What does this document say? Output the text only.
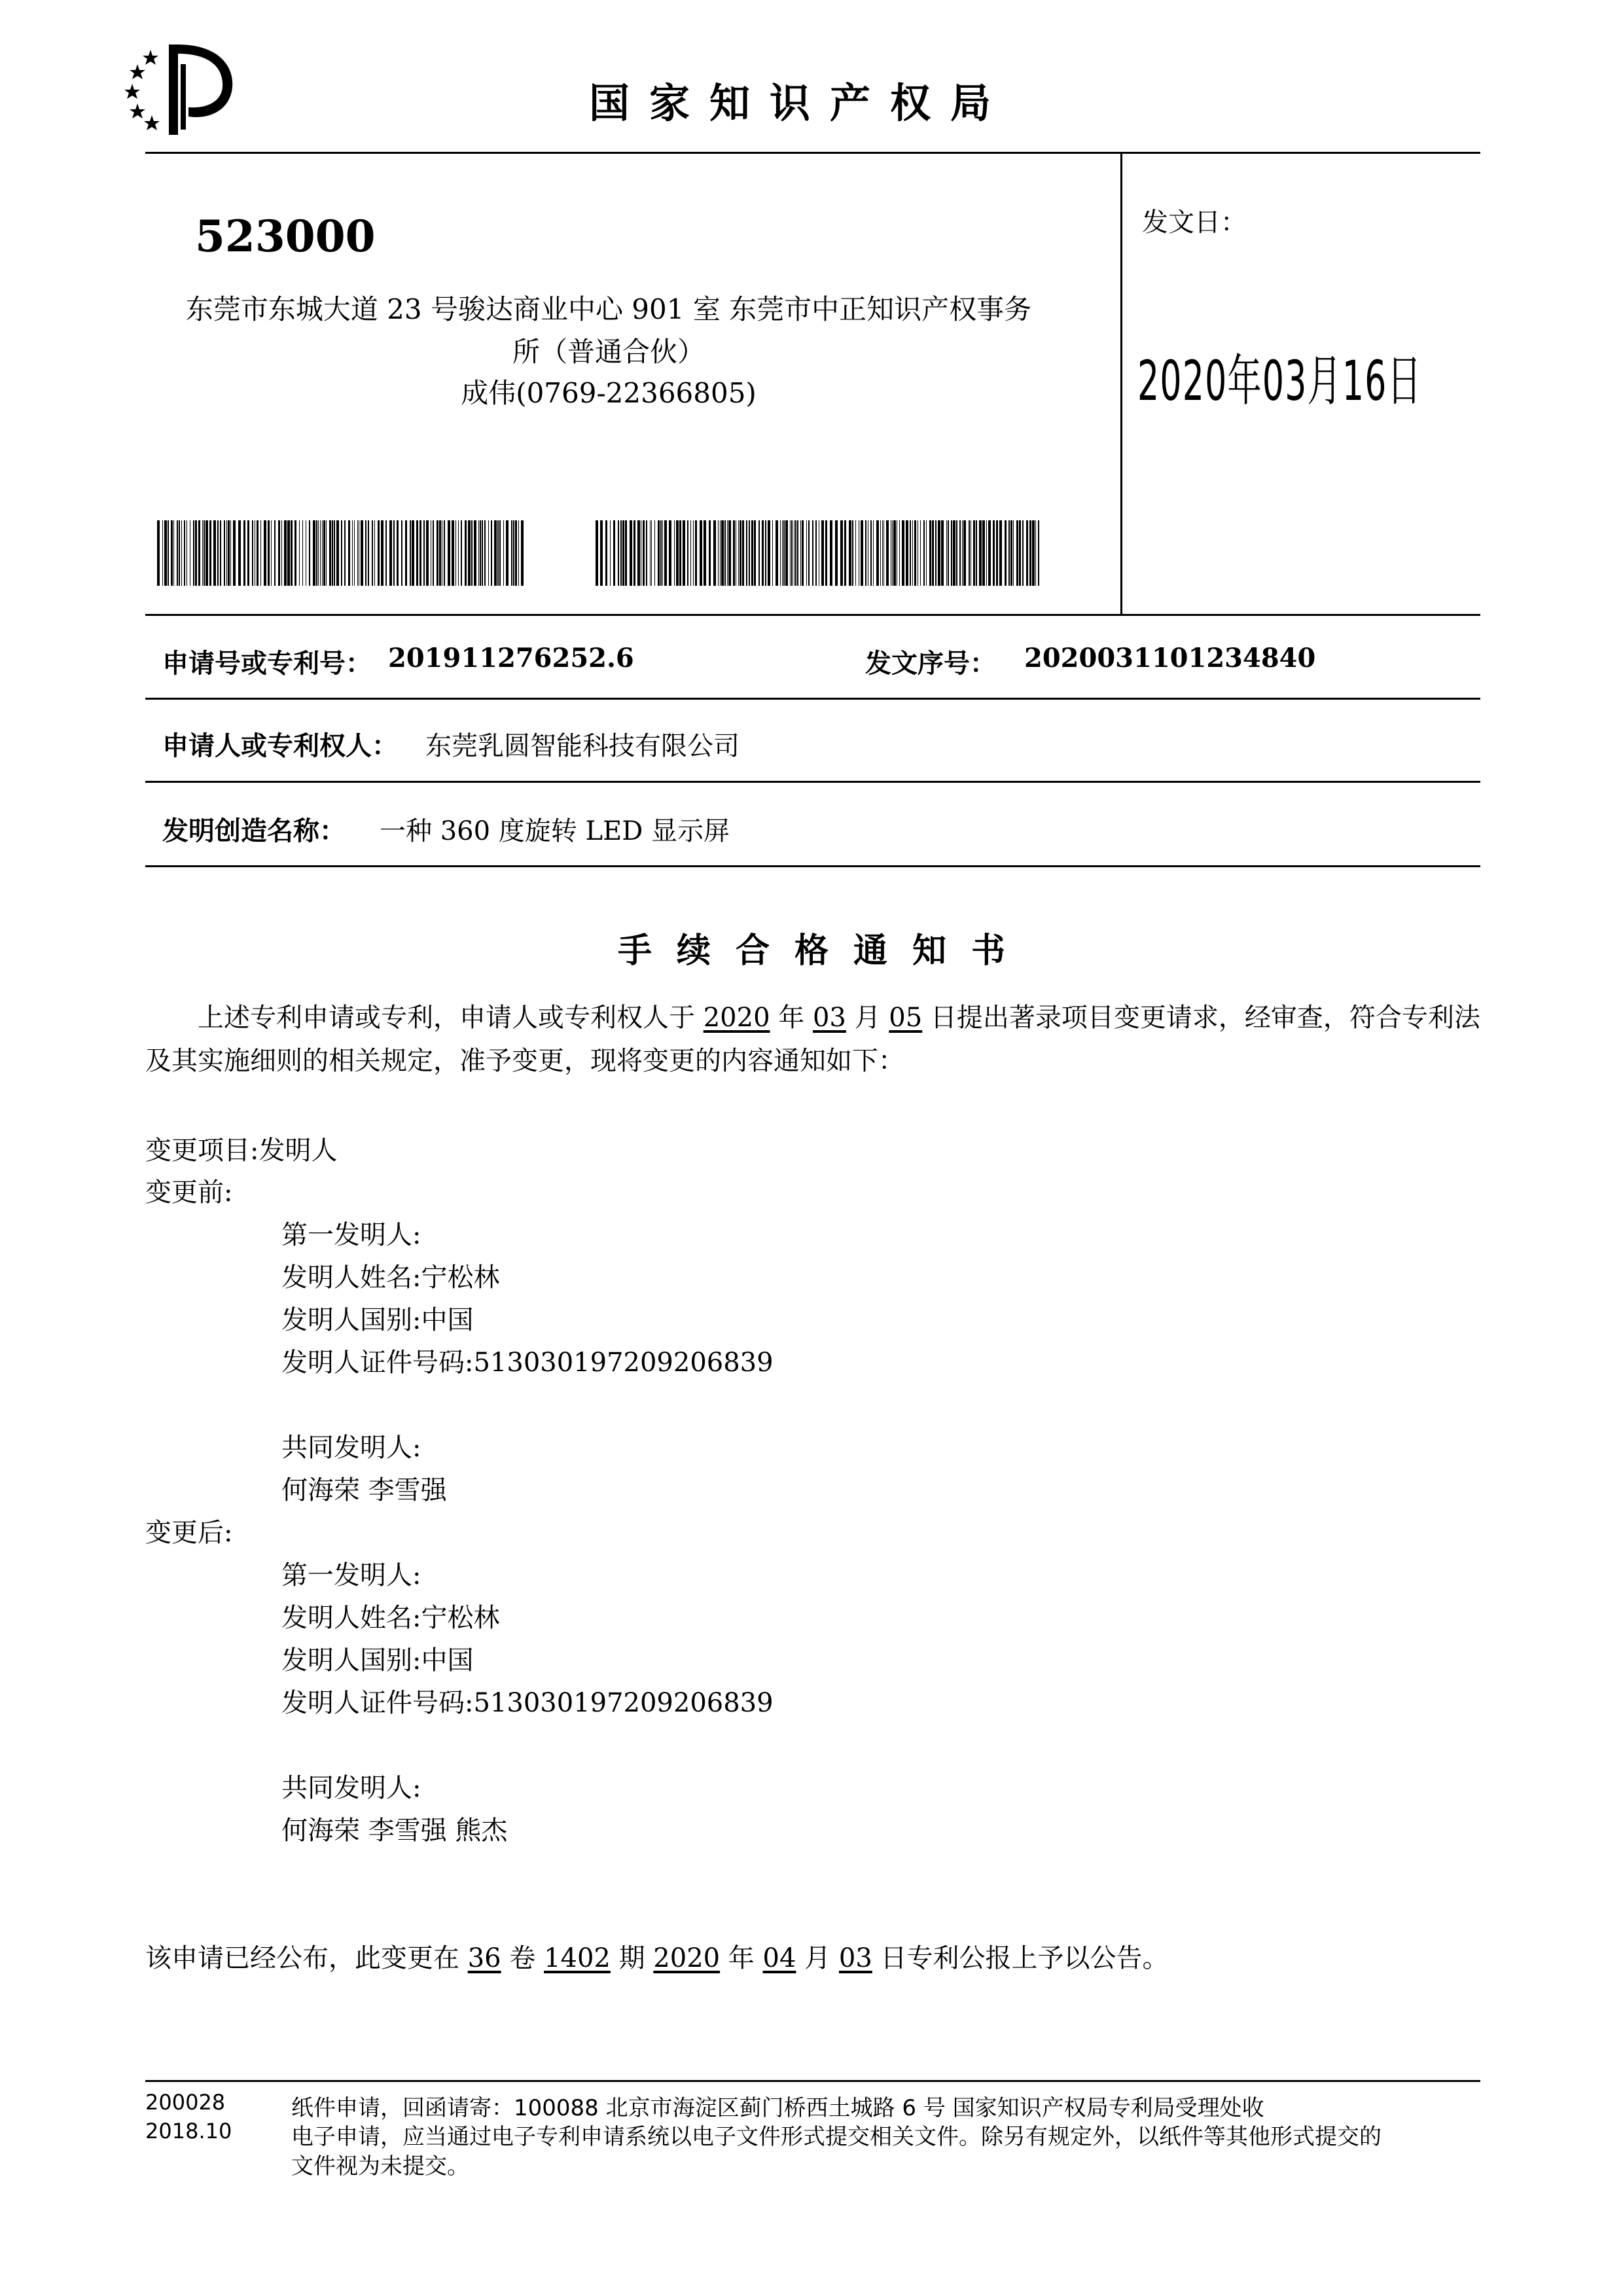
国家知识产权局
523000
东莞市东城大道 23 号骏达商业中心 901 室 东莞市中正知识产权事务
所（普通合伙）
成伟(0769-22366805)
发文日：
2020年03月16日
申请号或专利号： 201911276252.6	发文序号： 2020031101234840
申请人或专利权人： 东莞乳圆智能科技有限公司
发明创造名称： 一种 360 度旋转 LED 显示屏
手续合格通知书
上述专利申请或专利，申请人或专利权人于 2020 年 03 月 05 日提出著录项目变更请求，经审查，符合专利法及其实施细则的相关规定，准予变更，现将变更的内容通知如下：
变更项目:发明人
变更前:
第一发明人:
发明人姓名:宁松林
发明人国别:中国
发明人证件号码:513030197209206839
共同发明人:
何海荣 李雪强
变更后:
第一发明人:
发明人姓名:宁松林
发明人国别:中国
发明人证件号码:513030197209206839
共同发明人:
何海荣 李雪强 熊杰
该申请已经公布，此变更在 36 卷 1402 期 2020 年 04 月 03 日专利公报上予以公告。
200028
2018.10
纸件申请，回函请寄：100088 北京市海淀区蓟门桥西土城路 6 号 国家知识产权局专利局受理处收
电子申请，应当通过电子专利申请系统以电子文件形式提交相关文件。除另有规定外，以纸件等其他形式提交的
文件视为未提交。
